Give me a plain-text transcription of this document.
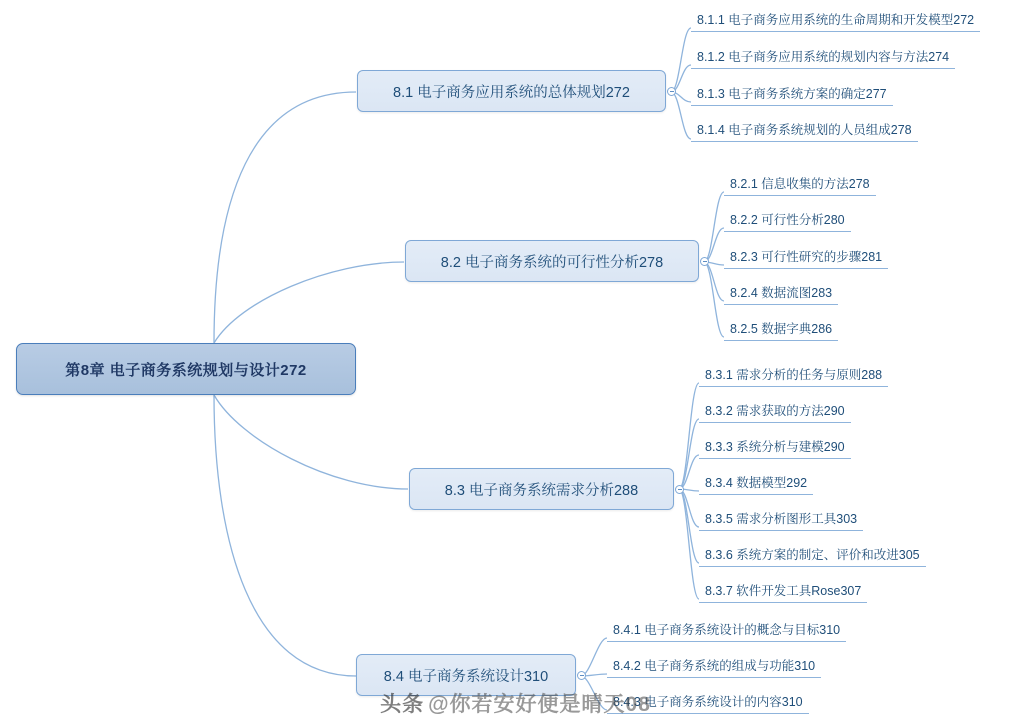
第8章 电子商务系统规划与设计272
8.1 电子商务应用系统的总体规划272
8.1.1 电子商务应用系统的生命周期和开发模型272
8.1.2 电子商务应用系统的规划内容与方法274
8.1.3 电子商务系统方案的确定277
8.1.4 电子商务系统规划的人员组成278
8.2 电子商务系统的可行性分析278
8.2.1 信息收集的方法278
8.2.2 可行性分析280
8.2.3 可行性研究的步骤281
8.2.4 数据流图283
8.2.5 数据字典286
8.3 电子商务系统需求分析288
8.3.1 需求分析的任务与原则288
8.3.2 需求获取的方法290
8.3.3 系统分析与建模290
8.3.4 数据模型292
8.3.5 需求分析图形工具303
8.3.6 系统方案的制定、评价和改进305
8.3.7 软件开发工具Rose307
8.4 电子商务系统设计310
8.4.1 电子商务系统设计的概念与目标310
8.4.2 电子商务系统的组成与功能310
8.4.3 电子商务系统设计的内容310
头条 @你若安好便是晴天08
